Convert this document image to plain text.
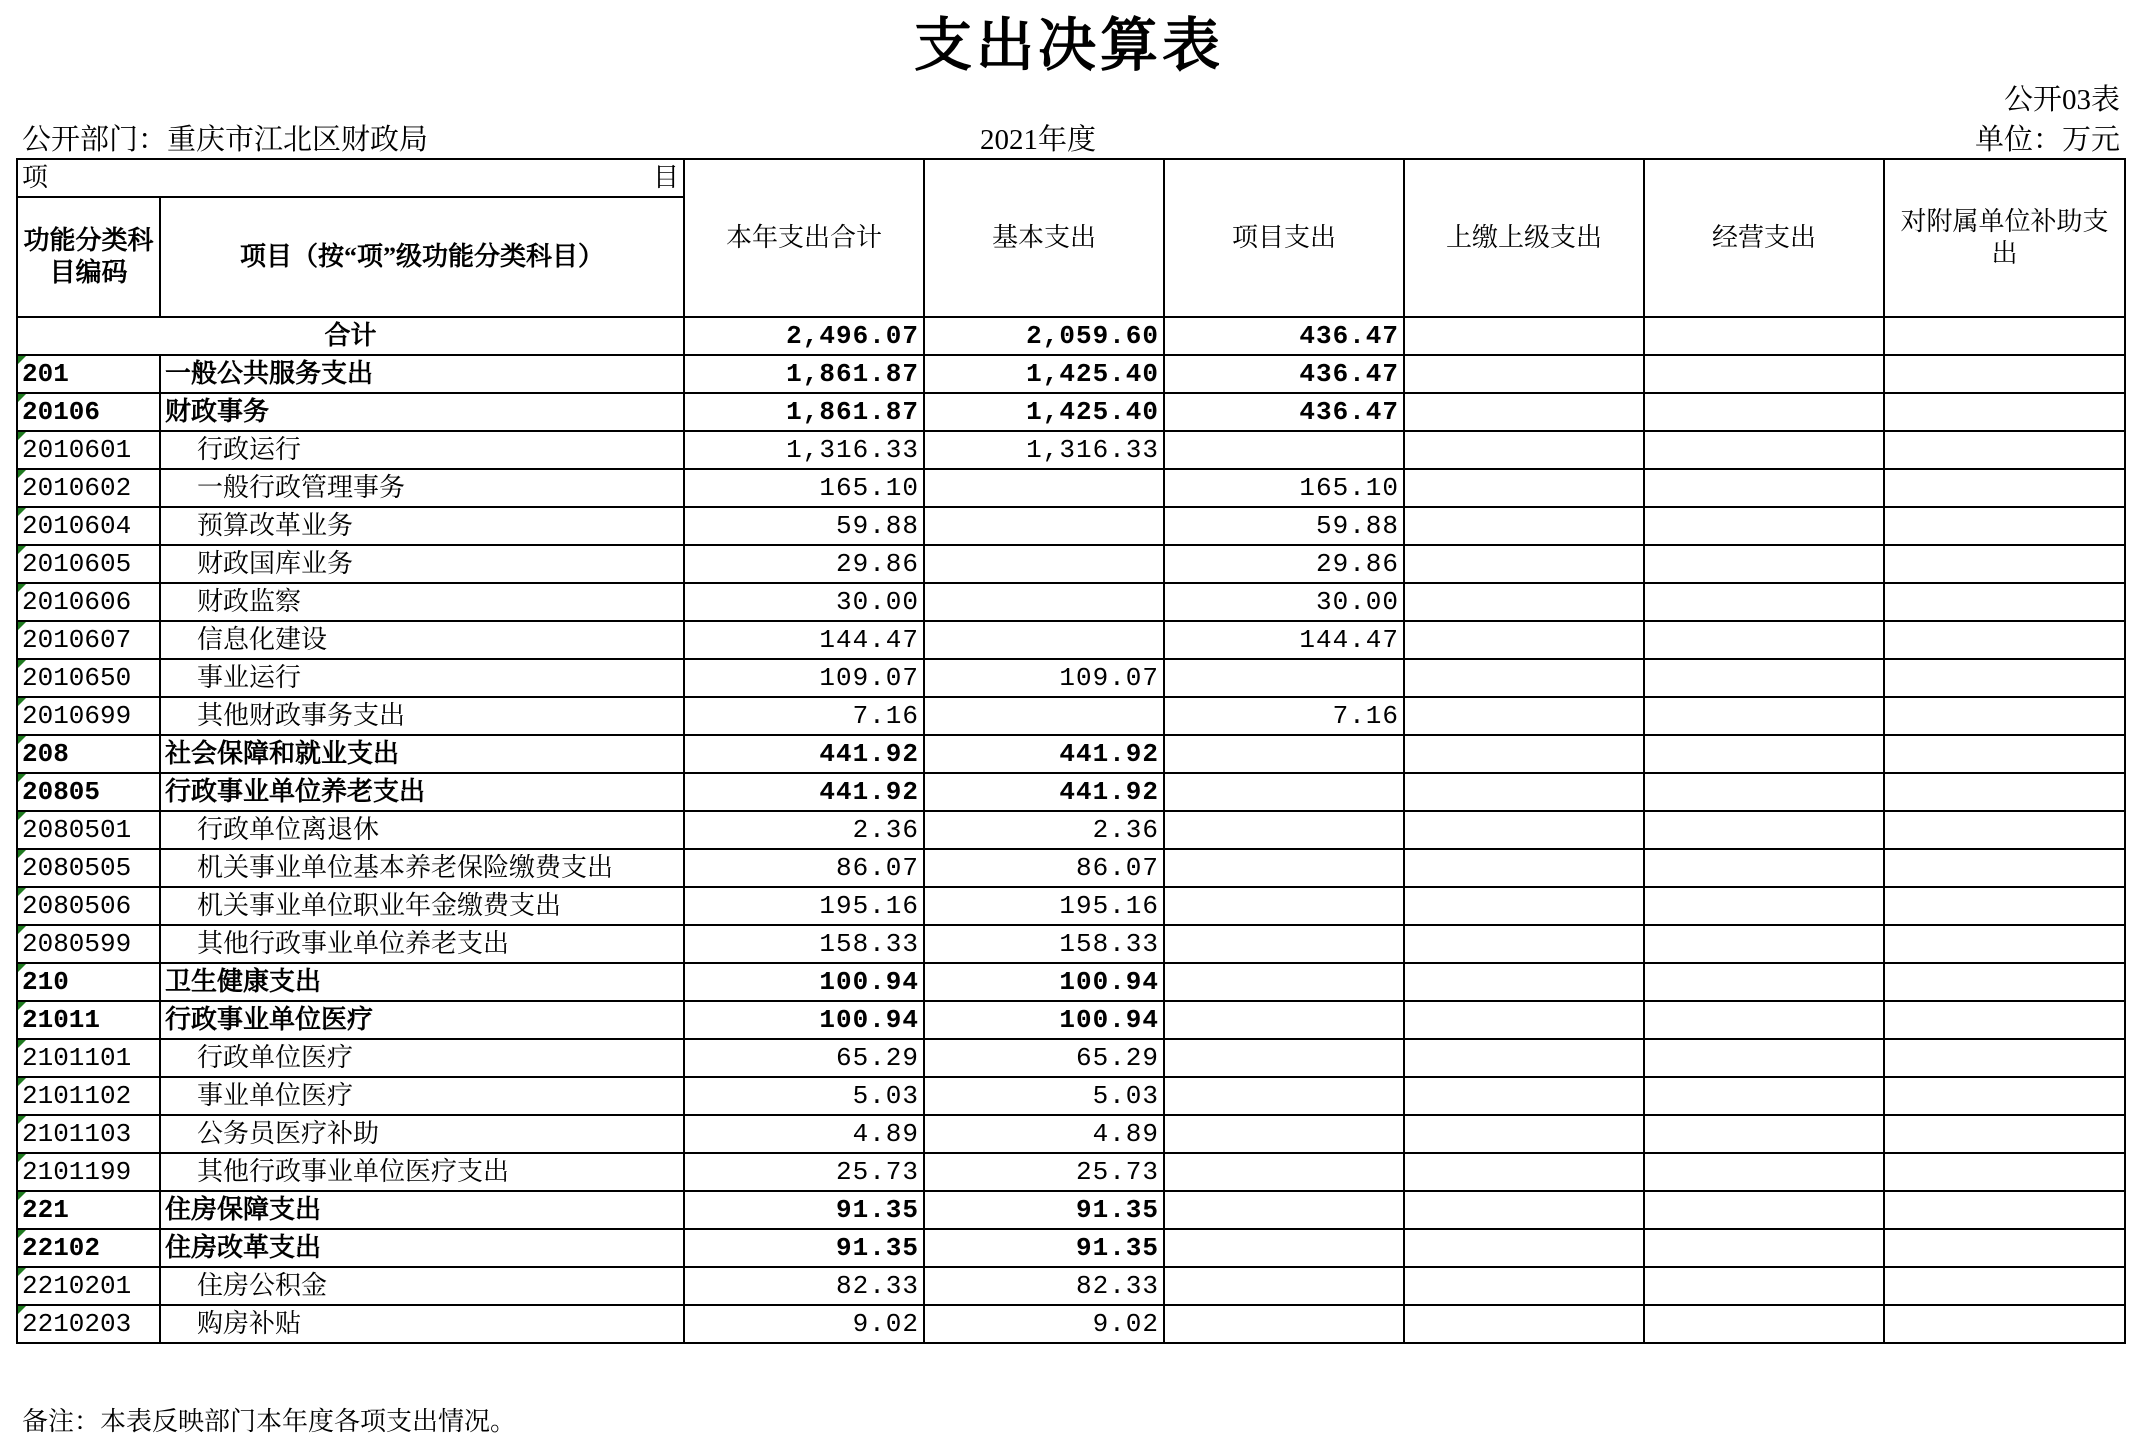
支出决算表
公开03表
公开部门：重庆市江北区财政局	2021年度	单位：万元
项 目		本年支出合计	基本支出	项目支出	上缴上级支出	经营支出	对附属单位补助支出
功能分类科目编码	项目（按“项”级功能分类科目）						
合计		2,496.07	2,059.60	436.47			

201	一般公共服务支出	1,861.87	1,425.40	436.47			

20106	财政事务	1,861.87	1,425.40	436.47			

2010601	行政运行	1,316.33	1,316.33				

2010602	一般行政管理事务	165.10		165.10			

2010604	预算改革业务	59.88		59.88			

2010605	财政国库业务	29.86		29.86			

2010606	财政监察	30.00		30.00			

2010607	信息化建设	144.47		144.47			

2010650	事业运行	109.07	109.07				

2010699	其他财政事务支出	7.16		7.16			

208	社会保障和就业支出	441.92	441.92				

20805	行政事业单位养老支出	441.92	441.92				

2080501	行政单位离退休	2.36	2.36				

2080505	机关事业单位基本养老保险缴费支出	86.07	86.07				

2080506	机关事业单位职业年金缴费支出	195.16	195.16				

2080599	其他行政事业单位养老支出	158.33	158.33				

210	卫生健康支出	100.94	100.94				

21011	行政事业单位医疗	100.94	100.94				

2101101	行政单位医疗	65.29	65.29				

2101102	事业单位医疗	5.03	5.03				

2101103	公务员医疗补助	4.89	4.89				

2101199	其他行政事业单位医疗支出	25.73	25.73				

221	住房保障支出	91.35	91.35				

22102	住房改革支出	91.35	91.35				

2210201	住房公积金	82.33	82.33				

2210203	购房补贴	9.02	9.02				
备注：本表反映部门本年度各项支出情况。
